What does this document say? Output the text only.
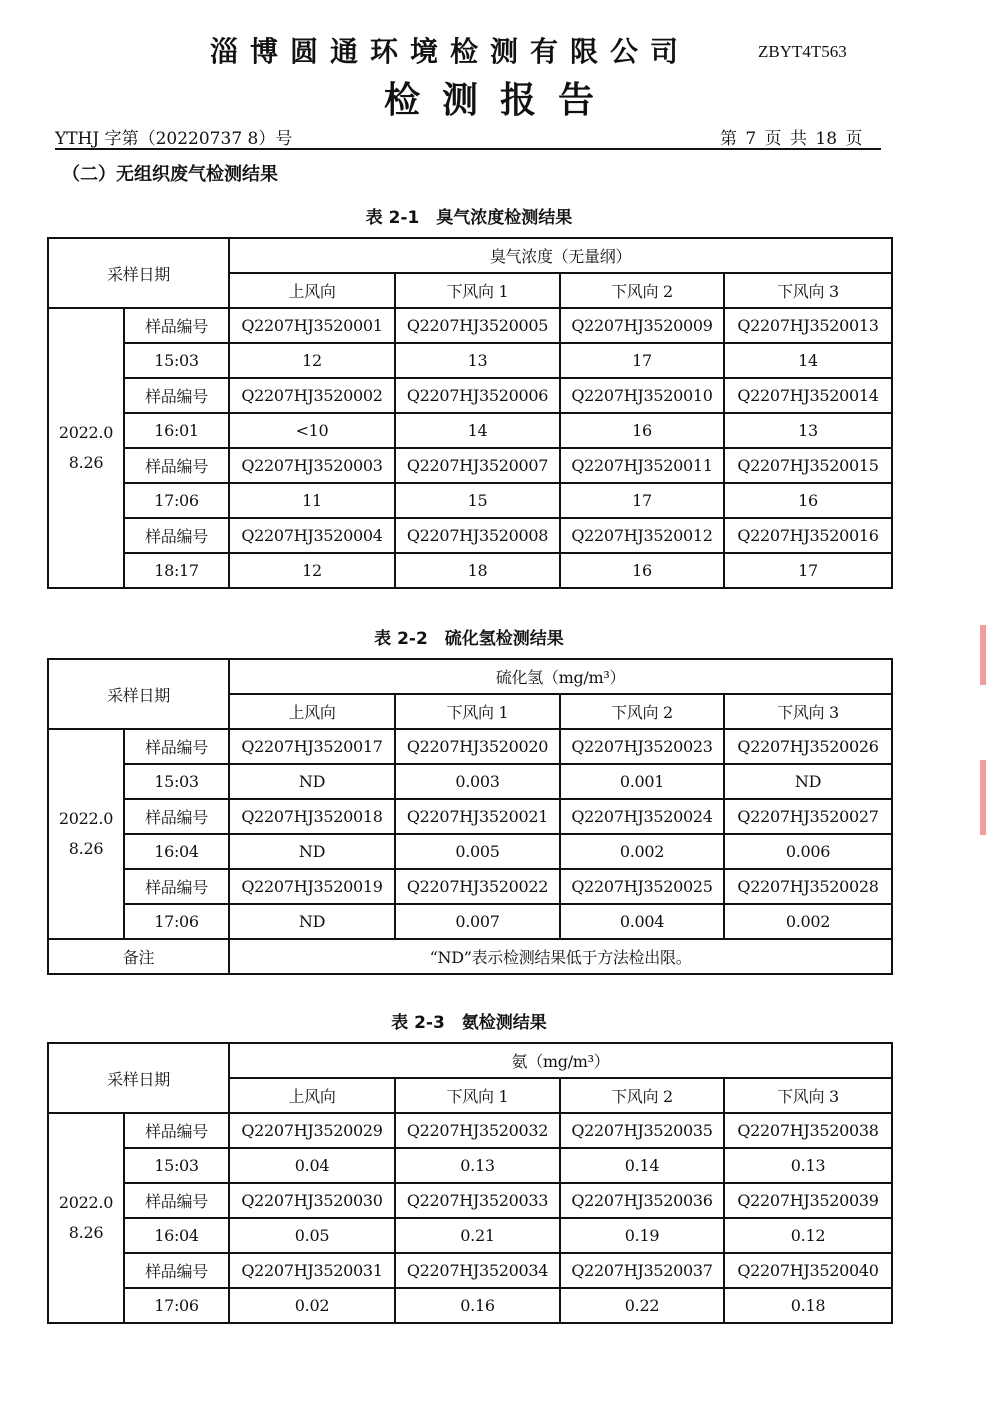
淄博圆通环境检测有限公司	ZBYT4T563
检测报告
YTHJ 字第（20220737 8）号	第 7 页 共 18 页
（二）无组织废气检测结果
表 2-1　臭气浓度检测结果
采样日期		臭气浓度（无量纲）			
		上风向	下风向 1	下风向 2	下风向 3

2022.0
8.26	样品编号	Q2207HJ3520001	Q2207HJ3520005	Q2207HJ3520009	Q2207HJ3520013
	15:03	12	13	17	14
	样品编号	Q2207HJ3520002	Q2207HJ3520006	Q2207HJ3520010	Q2207HJ3520014
	16:01	<10	14	16	13
	样品编号	Q2207HJ3520003	Q2207HJ3520007	Q2207HJ3520011	Q2207HJ3520015
	17:06	11	15	17	16
	样品编号	Q2207HJ3520004	Q2207HJ3520008	Q2207HJ3520012	Q2207HJ3520016
	18:17	12	18	16	17
表 2-2　硫化氢检测结果
采样日期		硫化氢（mg/m³）			
		上风向	下风向 1	下风向 2	下风向 3

2022.0
8.26	样品编号	Q2207HJ3520017	Q2207HJ3520020	Q2207HJ3520023	Q2207HJ3520026
	15:03	ND	0.003	0.001	ND
	样品编号	Q2207HJ3520018	Q2207HJ3520021	Q2207HJ3520024	Q2207HJ3520027
	16:04	ND	0.005	0.002	0.006
	样品编号	Q2207HJ3520019	Q2207HJ3520022	Q2207HJ3520025	Q2207HJ3520028
	17:06	ND	0.007	0.004	0.002
备注		“ND”表示检测结果低于方法检出限。			
表 2-3　氨检测结果
采样日期		氨（mg/m³）			
		上风向	下风向 1	下风向 2	下风向 3

2022.0
8.26	样品编号	Q2207HJ3520029	Q2207HJ3520032	Q2207HJ3520035	Q2207HJ3520038
	15:03	0.04	0.13	0.14	0.13
	样品编号	Q2207HJ3520030	Q2207HJ3520033	Q2207HJ3520036	Q2207HJ3520039
	16:04	0.05	0.21	0.19	0.12
	样品编号	Q2207HJ3520031	Q2207HJ3520034	Q2207HJ3520037	Q2207HJ3520040
	17:06	0.02	0.16	0.22	0.18
